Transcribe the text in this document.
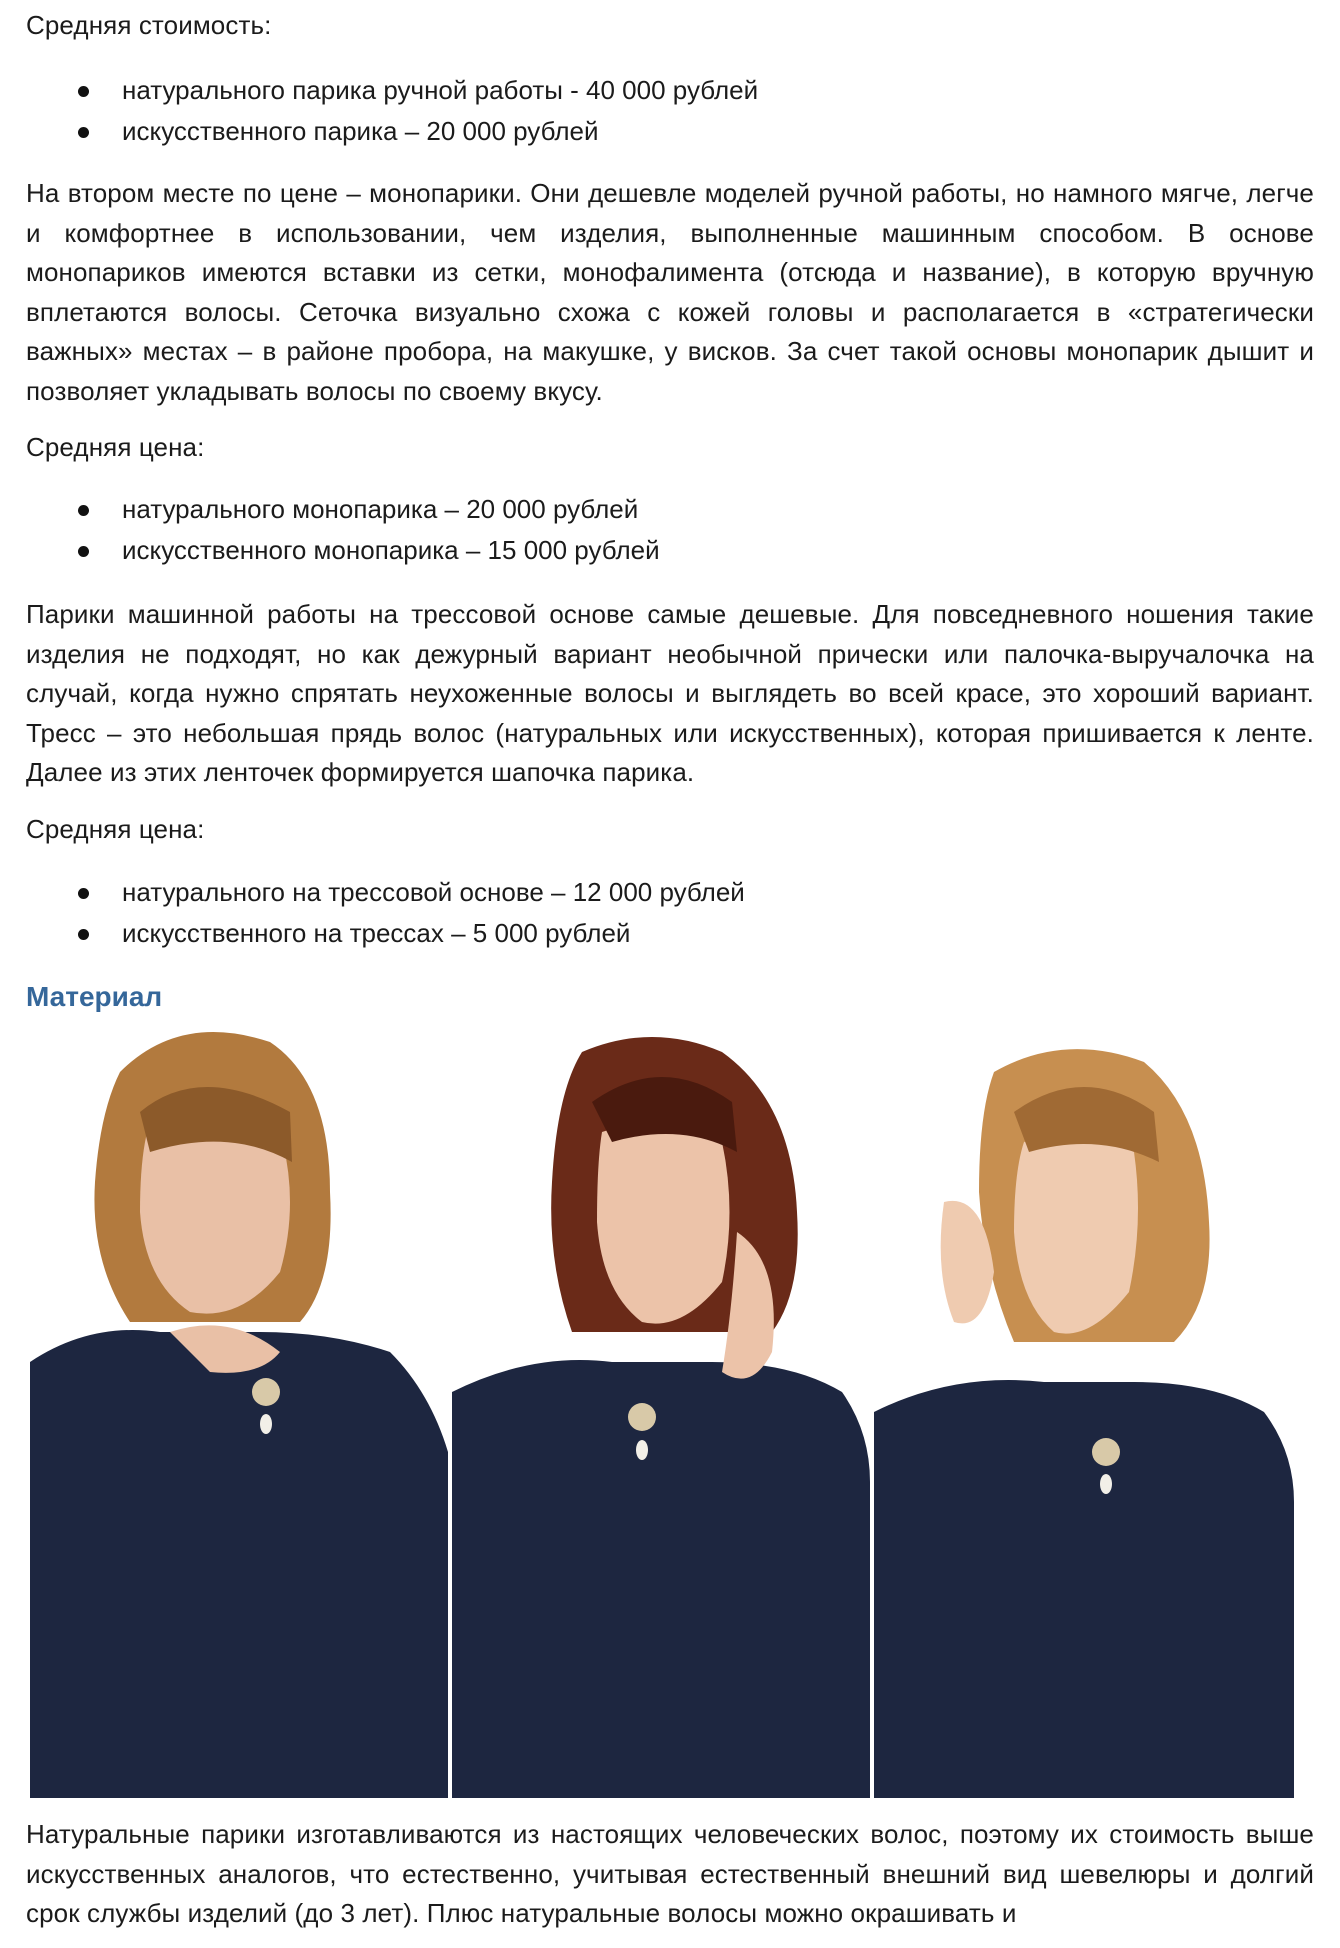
Средняя стоимость:

натурального парика ручной работы - 40 000 рублей
искусственного парика – 20 000 рублей

На втором месте по цене – монопарики. Они дешевле моделей ручной работы, но намного мягче, легче и комфортнее в использовании, чем изделия, выполненные машинным способом. В основе монопариков имеются вставки из сетки, монофалимента (отсюда и название), в которую вручную вплетаются волосы. Сеточка визуально схожа с кожей головы и располагается в «стратегически важных» местах – в районе пробора, на макушке, у висков. За счет такой основы монопарик дышит и позволяет укладывать волосы по своему вкусу.

Средняя цена:

натурального монопарика – 20 000 рублей
искусственного монопарика – 15 000 рублей

Парики машинной работы на трессовой основе самые дешевые. Для повседневного ношения такие изделия не подходят, но как дежурный вариант необычной прически или палочка-выручалочка на случай, когда нужно спрятать неухоженные волосы и выглядеть во всей красе, это хороший вариант. Тресс – это небольшая прядь волос (натуральных или искусственных), которая пришивается к ленте. Далее из этих ленточек формируется шапочка парика.

Средняя цена:

натурального на трессовой основе – 12 000 рублей
искусственного на трессах – 5 000 рублей
Материал

Натуральные парики изготавливаются из настоящих человеческих волос, поэтому их стоимость выше искусственных аналогов, что естественно, учитывая естественный внешний вид шевелюры и долгий срок службы изделий (до 3 лет). Плюс натуральные волосы можно окрашивать и
